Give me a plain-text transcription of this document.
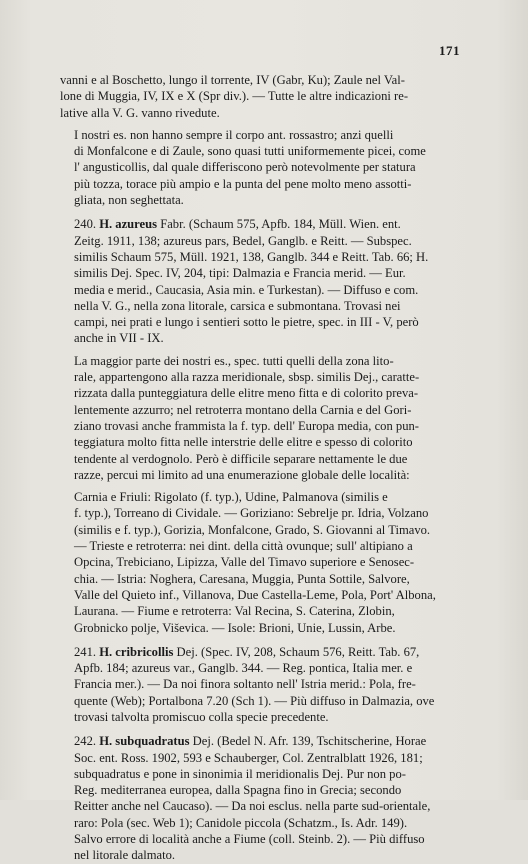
171

vanni e al Boschetto, lungo il torrente, IV (Gabr, Ku); Zaule nel Val-
lone di Muggia, IV, IX e X (Spr div.). — Tutte le altre indicazioni re-
lative alla V. G. vanno rivedute.

I nostri es. non hanno sempre il corpo ant. rossastro; anzi quelli
di Monfalcone e di Zaule, sono quasi tutti uniformemente picei, come
l' angusticollis, dal quale differiscono però notevolmente per statura
più tozza, torace più ampio e la punta del pene molto meno assotti-
gliata, non seghettata.

240. H. azureus Fabr. (Schaum 575, Apfb. 184, Müll. Wien. ent.
Zeitg. 1911, 138; azureus pars, Bedel, Ganglb. e Reitt. — Subspec.
similis Schaum 575, Müll. 1921, 138, Ganglb. 344 e Reitt. Tab. 66; H.
similis Dej. Spec. IV, 204, tipi: Dalmazia e Francia merid. — Eur.
media e merid., Caucasia, Asia min. e Turkestan). — Diffuso e com.
nella V. G., nella zona litorale, carsica e submontana. Trovasi nei
campi, nei prati e lungo i sentieri sotto le pietre, spec. in III - V, però
anche in VII - IX.

La maggior parte dei nostri es., spec. tutti quelli della zona lito-
rale, appartengono alla razza meridionale, sbsp. similis Dej., caratte-
rizzata dalla punteggiatura delle elitre meno fitta e di colorito preva-
lentemente azzurro; nel retroterra montano della Carnia e del Gori-
ziano trovasi anche frammista la f. typ. dell' Europa media, con pun-
teggiatura molto fitta nelle interstrie delle elitre e spesso di colorito
tendente al verdognolo. Però è difficile separare nettamente le due
razze, percui mi limito ad una enumerazione globale delle località:

Carnia e Friuli: Rigolato (f. typ.), Udine, Palmanova (similis e
f. typ.), Torreano di Cividale. — Goriziano: Sebrelje pr. Idria, Volzano
(similis e f. typ.), Gorizia, Monfalcone, Grado, S. Giovanni al Timavo.
— Trieste e retroterra: nei dint. della città ovunque; sull' altipiano a
Opcina, Trebiciano, Lipizza, Valle del Timavo superiore e Senosec-
chia. — Istria: Noghera, Caresana, Muggia, Punta Sottile, Salvore,
Valle del Quieto inf., Villanova, Due Castella-Leme, Pola, Port' Albona,
Laurana. — Fiume e retroterra: Val Recina, S. Caterina, Zlobin,
Grobnicko polje, Viševica. — Isole: Brioni, Unie, Lussin, Arbe.

241. H. cribricollis Dej. (Spec. IV, 208, Schaum 576, Reitt. Tab. 67,
Apfb. 184; azureus var., Ganglb. 344. — Reg. pontica, Italia mer. e
Francia mer.). — Da noi finora soltanto nell' Istria merid.: Pola, fre-
quente (Web); Portalbona 7.20 (Sch 1). — Più diffuso in Dalmazia, ove
trovasi talvolta promiscuo colla specie precedente.

242. H. subquadratus Dej. (Bedel N. Afr. 139, Tschitscherine, Horae
Soc. ent. Ross. 1902, 593 e Schauberger, Col. Zentralblatt 1926, 181;
subquadratus e pone in sinonimia il meridionalis Dej. Pur non po-
Reg. mediterranea europea, dalla Spagna fino in Grecia; secondo
Reitter anche nel Caucaso). — Da noi esclus. nella parte sud-orientale,
raro: Pola (sec. Web 1); Canidole piccola (Schatzm., Is. Adr. 149).
Salvo errore di località anche a Fiume (coll. Steinb. 2). — Più diffuso
nel litorale dalmato.
